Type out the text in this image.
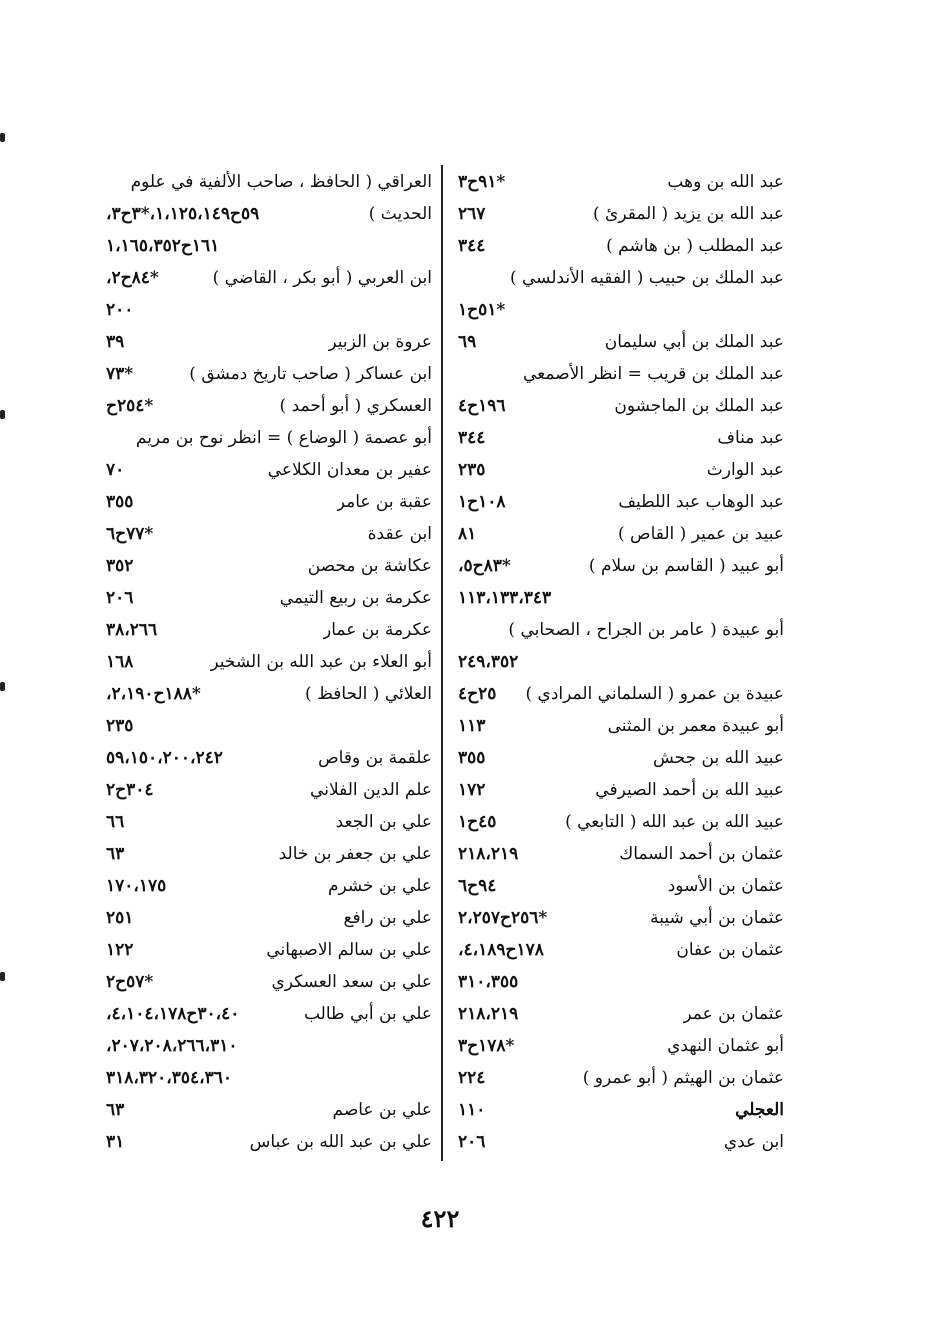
عبد الله بن وهب
*٩١ح٣
عبد الله بن يزيد ( المقرئ )
٢٦٧
عبد المطلب ( بن هاشم )
٣٤٤
عبد الملك بن حبيب ( الفقيه الأندلسي )
*٥١ح١
عبد الملك بن أبي سليمان
٦٩
عبد الملك بن قريب = انظر الأصمعي
عبد الملك بن الماجشون
١٩٦ح٤
عبد مناف
٣٤٤
عبد الوارث
٢٣٥
عبد الوهاب عبد اللطيف
١٠٨ح١
عبيد بن عمير ( القاص )
٨١
أبو عبيد ( القاسم بن سلام )
*٨٣ح٥،
١١٣،١٣٣،٣٤٣
أبو عبيدة ( عامر بن الجراح ، الصحابي )
٢٤٩،٣٥٢
عبيدة بن عمرو ( السلماني المرادي )
٢٥ح٤
أبو عبيدة معمر بن المثنى
١١٣
عبيد الله بن جحش
٣٥٥
عبيد الله بن أحمد الصيرفي
١٧٢
عبيد الله بن عبد الله ( التابعي )
٤٥ح١
عثمان بن أحمد السماك
٢١٨،٢١٩
عثمان بن الأسود
٩٤ح٦
عثمان بن أبي شيبة
*٢٥٦ح٢،٢٥٧
عثمان بن عفان
١٧٨ح٤،١٨٩،
٣١٠،٣٥٥
عثمان بن عمر
٢١٨،٢١٩
أبو عثمان النهدي
*١٧٨ح٣
عثمان بن الهيثم ( أبو عمرو )
٢٢٤
العجلي
١١٠
ابن عدي
٢٠٦
العراقي ( الحافظ ، صاحب الألفية في علوم
الحديث )
٥٩ح١،١٢٥،١٤٩،*٣ح٣،
١٦١ح١،١٦٥،٣٥٢
ابن العربي ( أبو بكر ، القاضي )
*٨٤ح٢،
٢٠٠
عروة بن الزبير
٣٩
ابن عساكر ( صاحب تاريخ دمشق )
*٧٣
العسكري ( أبو أحمد )
*٢٥٤ح
أبو عصمة ( الوضاع ) = انظر نوح بن مريم
عفير بن معدان الكلاعي
٧٠
عقبة بن عامر
٣٥٥
ابن عقدة
*٧٧ح٦
عكاشة بن محصن
٣٥٢
عكرمة بن ربيع التيمي
٢٠٦
عكرمة بن عمار
٣٨،٢٦٦
أبو العلاء بن عبد الله بن الشخير
١٦٨
العلائي ( الحافظ )
*١٨٨ح٢،١٩٠،
٢٣٥
علقمة بن وقاص
٥٩،١٥٠،٢٠٠،٢٤٢
علم الدين الفلاني
٣٠٤ح٢
علي بن الجعد
٦٦
علي بن جعفر بن خالد
٦٣
علي بن خشرم
١٧٠،١٧٥
علي بن رافع
٢٥١
علي بن سالم الاصبهاني
١٢٢
علي بن سعد العسكري
*٥٧ح٢
علي بن أبي طالب
٣٠،٤٠ح٤،١٠٤،١٧٨،
٢٠٧،٢٠٨،٢٦٦،٣١٠،
٣١٨،٣٢٠،٣٥٤،٣٦٠
علي بن عاصم
٦٣
علي بن عبد الله بن عباس
٣١
٤٢٢
